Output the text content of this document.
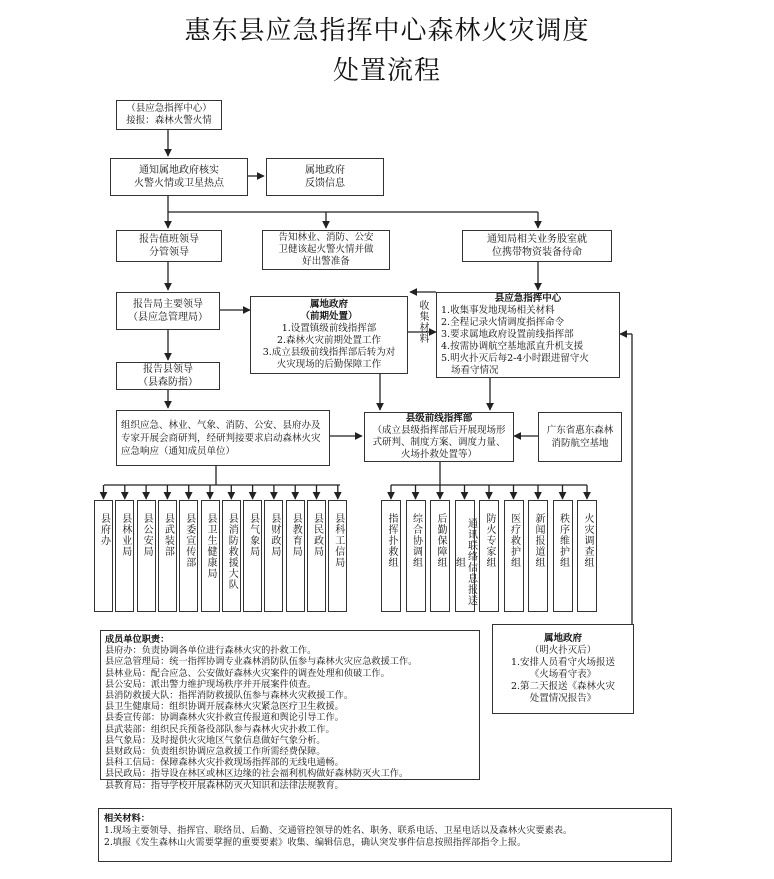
惠东县应急指挥中心森林火灾调度
处置流程
（县应急指挥中心）
接报：森林火警火情
通知属地政府核实
火警火情或卫星热点
属地政府
反馈信息
报告值班领导
分管领导
告知林业、消防、公安
卫健该起火警火情并做
好出警准备
通知局相关业务股室就
位携带物资装备待命
报告局主要领导
（县应急管理局）
属地政府
（前期处置）
1.设置镇级前线指挥部
2.森林火灾前期处置工作
3.成立县级前线指挥部后转为对
火灾现场的后勤保障工作
收集材料
县应急指挥中心
1.收集事发地现场相关材料
2.全程记录火情调度指挥命令
3.要求属地政府设置前线指挥部
4.按需协调航空基地派直升机支援
5.明火扑灭后每2-4小时跟进留守火
场看守情况
报告县领导
（县森防指）
组织应急、林业、气象、消防、公安、县府办及专家开展会商研判，经研判接要求启动森林火灾应急响应（通知成员单位）
县级前线指挥部
（成立县级指挥部后开展现场形式研判、制度方案、调度力量、火场扑救处置等）
广东省惠东森林消防航空基地
县府办	县林业局	县公安局	县武装部	县委宣传部	县卫生健康局	县消防救援大队	县气象局	县财政局	县教育局	县民政局	县科工信局	指挥扑救组	综合协调组	后勤保障组	通讯联络信息报送组	防火专家组	医疗救护组	新闻报道组	秩序维护组	火灾调查组
成员单位职责：
县府办：负责协调各单位进行森林火灾的扑救工作。
县应急管理局：统一指挥协调专业森林消防队伍参与森林火灾应急救援工作。
县林业局：配合应急、公安做好森林火灾案件的调查处理和侦破工作。
县公安局：派出警力维护现场秩序并开展案件侦查。
县消防救援大队：指挥消防救援队伍参与森林火灾救援工作。
县卫生健康局：组织协调开展森林火灾紧急医疗卫生救援。
县委宣传部：协调森林火灾扑救宣传报道和舆论引导工作。
县武装部：组织民兵预备役部队参与森林火灾扑救工作。
县气象局：及时提供火灾地区气象信息做好气象分析。
县财政局：负责组织协调应急救援工作所需经费保障。
县科工信局：保障森林火灾扑救现场指挥部的无线电通畅。
县民政局：指导设在林区或林区边缘的社会福利机构做好森林防灭火工作。
县教育局：指导学校开展森林防灭火知识和法律法规教育。
属地政府
（明火扑灭后）
1.安排人员看守火场报送
《火场看守表》
2.第二天报送《森林火灾
处置情况报告》
相关材料：
1.现场主要领导、指挥官、联络员、后勤、交通管控领导的姓名、职务、联系电话、卫星电话以及森林火灾要素表。
2.填报《发生森林山火需要掌握的重要要素》收集、编辑信息，确认突发事件信息按照指挥部指令上报。
